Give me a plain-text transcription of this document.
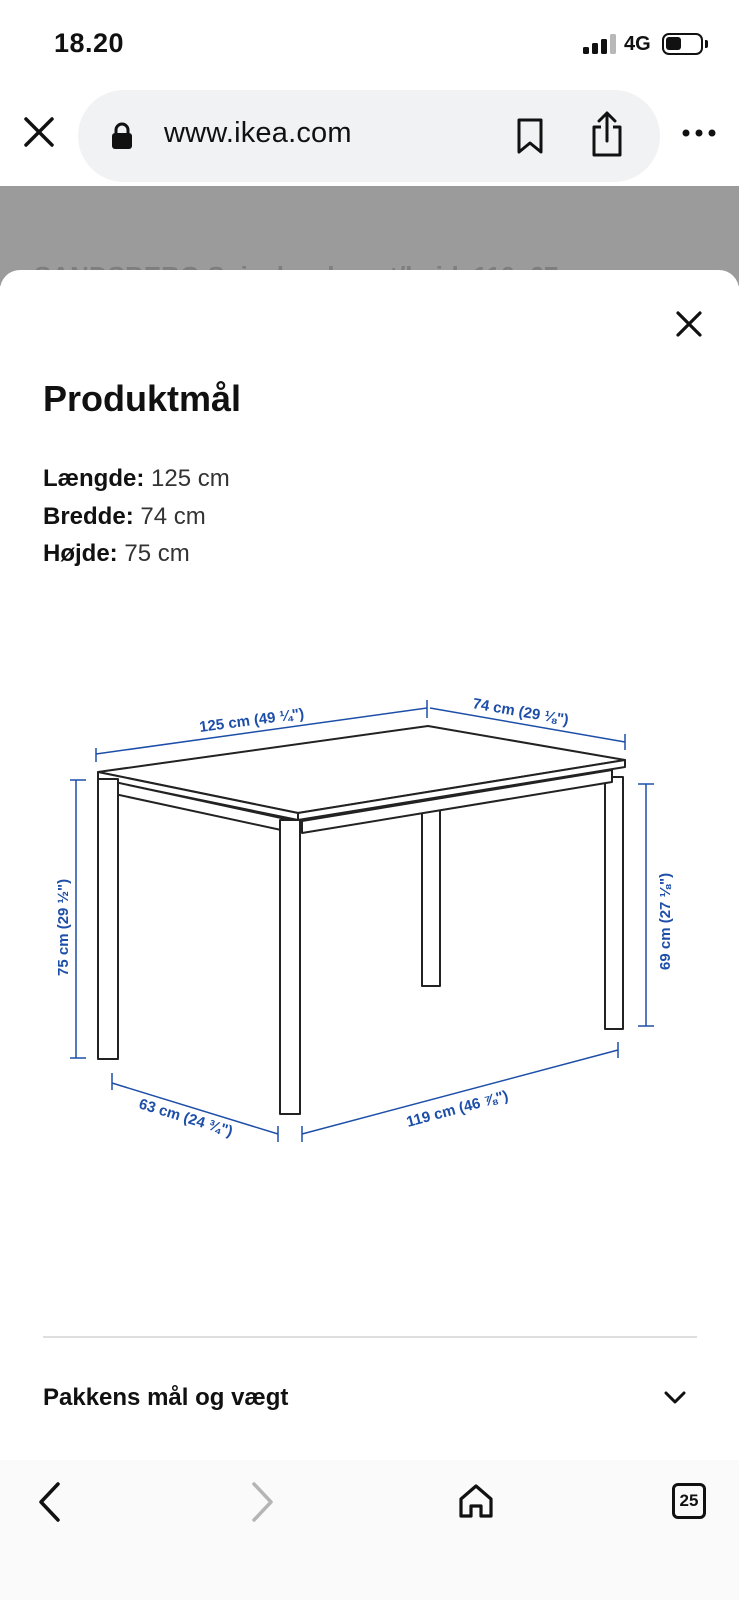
18.20	4G
www.ikea.com
Produktmål
Længde: 125 cm
Bredde: 74 cm
Højde: 75 cm
125 cm (49 ¼")	74 cm (29 ⅛")
75 cm (29 ½")	69 cm (27 ⅛")
63 cm (24 ¾")	119 cm (46 ⅞")
Pakkens mål og vægt
25
